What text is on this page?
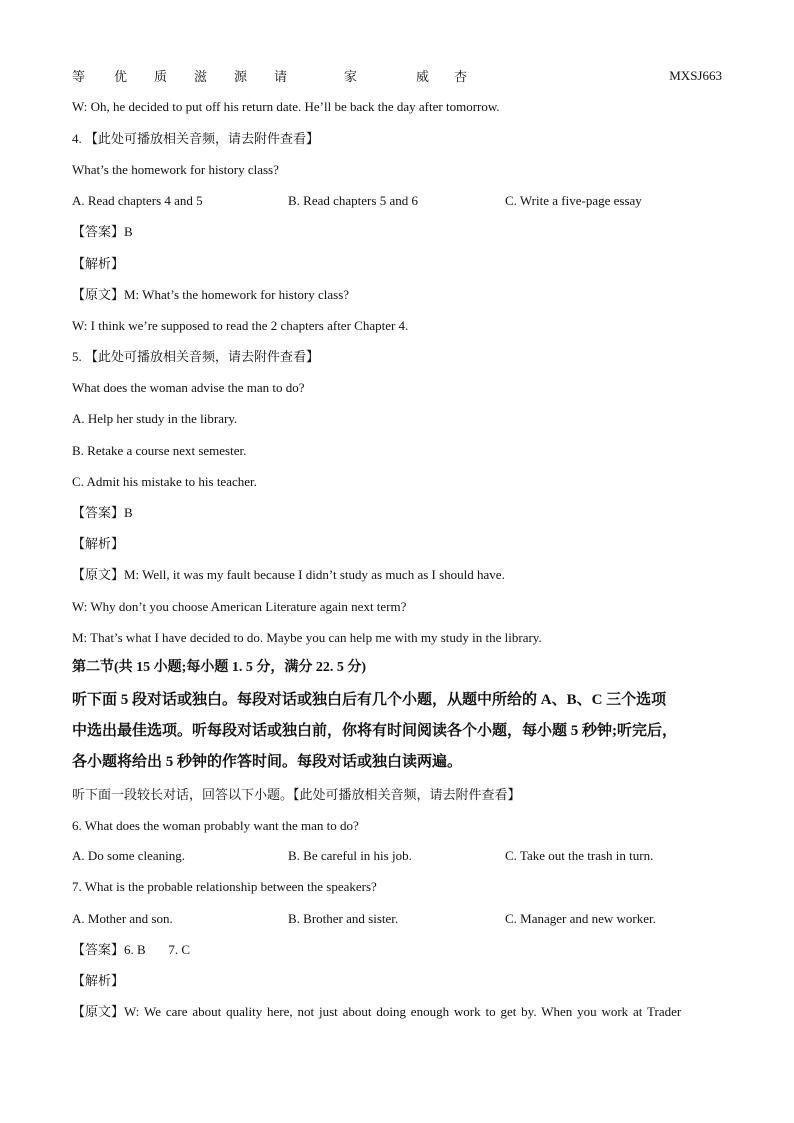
等	优	质	滋	源	请	家	威	杏	MXSJ663
W: Oh, he decided to put off his return date. He’ll be back the day after tomorrow.
4. 【此处可播放相关音频，请去附件查看】
What’s the homework for history class?
A. Read chapters 4 and 5	B. Read chapters 5 and 6	C. Write a five-page essay
【答案】B
【解析】
【原文】M: What’s the homework for history class?
W: I think we’re supposed to read the 2 chapters after Chapter 4.
5. 【此处可播放相关音频，请去附件查看】
What does the woman advise the man to do?
A. Help her study in the library.
B. Retake a course next semester.
C. Admit his mistake to his teacher.
【答案】B
【解析】
【原文】M: Well, it was my fault because I didn’t study as much as I should have.
W: Why don’t you choose American Literature again next term?
M: That’s what I have decided to do. Maybe you can help me with my study in the library.
第二节(共 15 小题;每小题 1. 5 分，满分 22. 5 分)
听下面 5 段对话或独白。每段对话或独白后有几个小题，从题中所给的 A、B、C 三个选项
中选出最佳选项。听每段对话或独白前，你将有时间阅读各个小题，每小题 5 秒钟;听完后，
各小题将给出 5 秒钟的作答时间。每段对话或独白读两遍。
听下面一段较长对话，回答以下小题。【此处可播放相关音频，请去附件查看】
6. What does the woman probably want the man to do?
A. Do some cleaning.	B. Be careful in his job.	C. Take out the trash in turn.
7. What is the probable relationship between the speakers?
A. Mother and son.	B. Brother and sister.	C. Manager and new worker.
【答案】6. B       7. C
【解析】
【原文】W: We care about quality here, not just about doing enough work to get by. When you work at Trader
